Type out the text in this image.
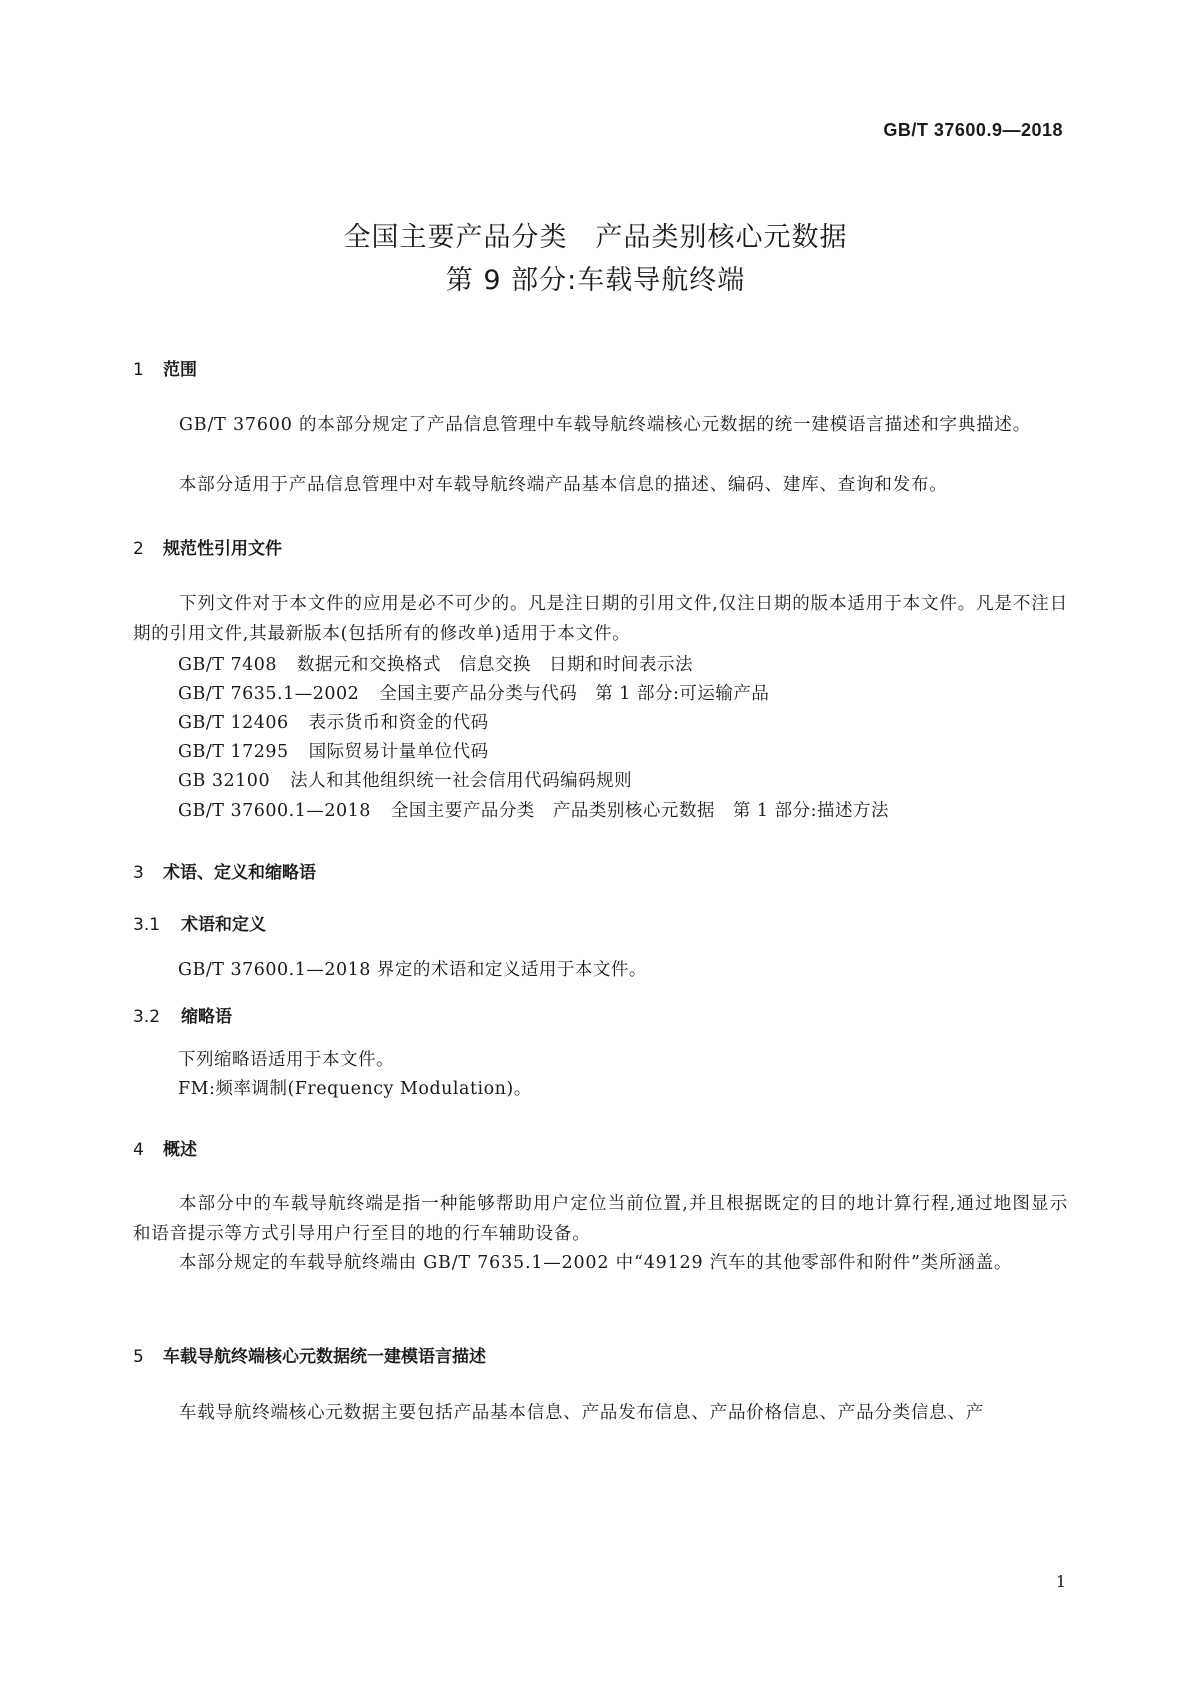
GB/T 37600.9—2018
全国主要产品分类　产品类别核心元数据
第 9 部分:车载导航终端
1 范围
GB/T 37600 的本部分规定了产品信息管理中车载导航终端核心元数据的统一建模语言描述和字典描述。
本部分适用于产品信息管理中对车载导航终端产品基本信息的描述、编码、建库、查询和发布。
2 规范性引用文件
下列文件对于本文件的应用是必不可少的。凡是注日期的引用文件,仅注日期的版本适用于本文件。凡是不注日期的引用文件,其最新版本(包括所有的修改单)适用于本文件。
GB/T 7408 数据元和交换格式　信息交换　日期和时间表示法
GB/T 7635.1—2002 全国主要产品分类与代码　第 1 部分:可运输产品
GB/T 12406 表示货币和资金的代码
GB/T 17295 国际贸易计量单位代码
GB 32100 法人和其他组织统一社会信用代码编码规则
GB/T 37600.1—2018 全国主要产品分类　产品类别核心元数据　第 1 部分:描述方法
3 术语、定义和缩略语
3.1 术语和定义
GB/T 37600.1—2018 界定的术语和定义适用于本文件。
3.2 缩略语
下列缩略语适用于本文件。
FM:频率调制(Frequency Modulation)。
4 概述
本部分中的车载导航终端是指一种能够帮助用户定位当前位置,并且根据既定的目的地计算行程,通过地图显示和语音提示等方式引导用户行至目的地的行车辅助设备。
本部分规定的车载导航终端由 GB/T 7635.1—2002 中“49129 汽车的其他零部件和附件”类所涵盖。
5 车载导航终端核心元数据统一建模语言描述
车载导航终端核心元数据主要包括产品基本信息、产品发布信息、产品价格信息、产品分类信息、产
1
